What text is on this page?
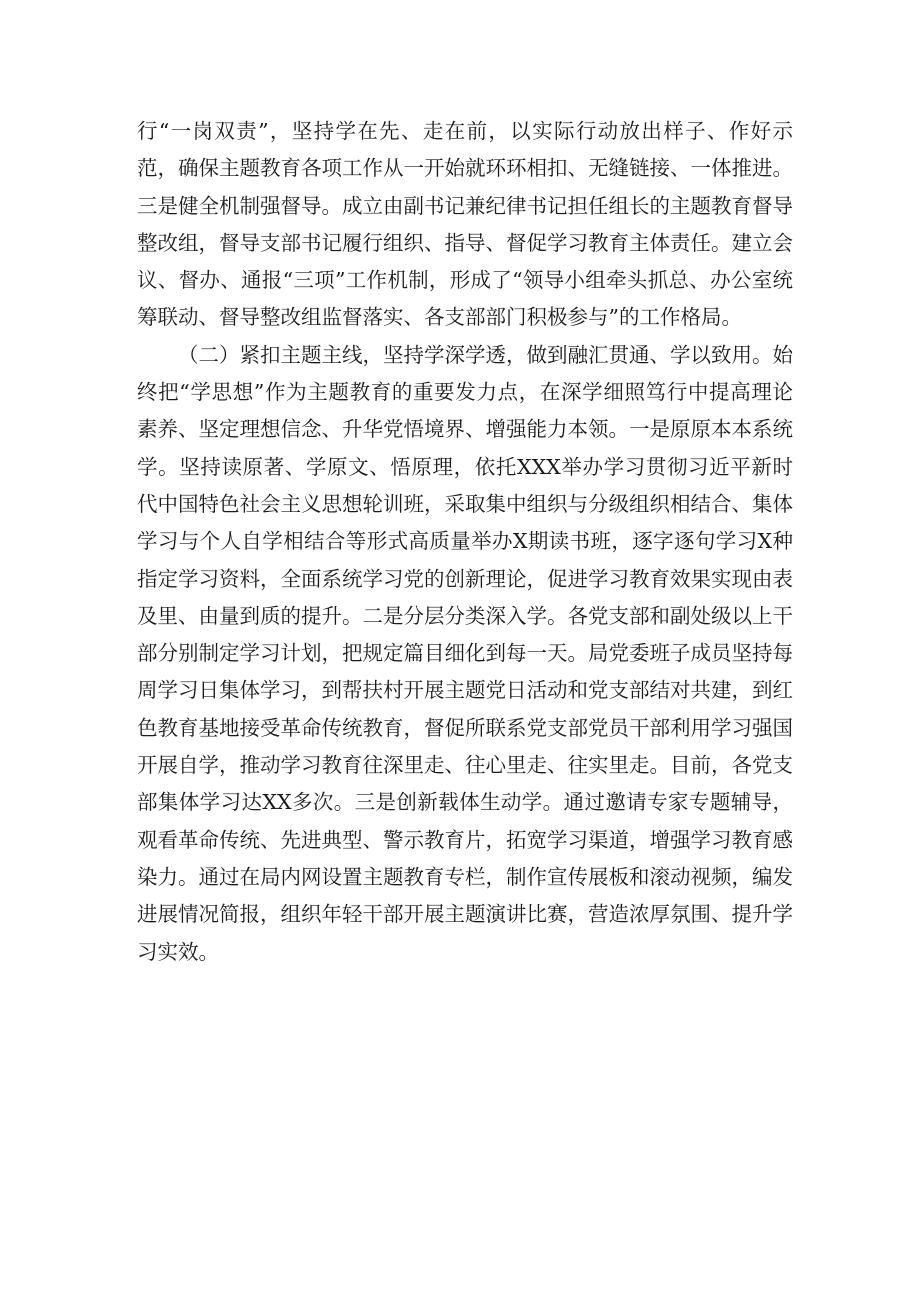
行“一岗双责”，坚持学在先、走在前，以实际行动放出样子、作好示范，确保主题教育各项工作从一开始就环环相扣、无缝链接、一体推进。三是健全机制强督导。成立由副书记兼纪律书记担任组长的主题教育督导整改组，督导支部书记履行组织、指导、督促学习教育主体责任。建立会议、督办、通报“三项”工作机制，形成了“领导小组牵头抓总、办公室统筹联动、督导整改组监督落实、各支部部门积极参与”的工作格局。

（二）紧扣主题主线，坚持学深学透，做到融汇贯通、学以致用。始终把“学思想”作为主题教育的重要发力点，在深学细照笃行中提高理论素养、坚定理想信念、升华党悟境界、增强能力本领。一是原原本本系统学。坚持读原著、学原文、悟原理，依托XXX举办学习贯彻习近平新时代中国特色社会主义思想轮训班，采取集中组织与分级组织相结合、集体学习与个人自学相结合等形式高质量举办X期读书班，逐字逐句学习X种指定学习资料，全面系统学习党的创新理论，促进学习教育效果实现由表及里、由量到质的提升。二是分层分类深入学。各党支部和副处级以上干部分别制定学习计划，把规定篇目细化到每一天。局党委班子成员坚持每周学习日集体学习，到帮扶村开展主题党日活动和党支部结对共建，到红色教育基地接受革命传统教育，督促所联系党支部党员干部利用学习强国开展自学，推动学习教育往深里走、往心里走、往实里走。目前，各党支部集体学习达XX多次。三是创新载体生动学。通过邀请专家专题辅导，观看革命传统、先进典型、警示教育片，拓宽学习渠道，增强学习教育感染力。通过在局内网设置主题教育专栏，制作宣传展板和滚动视频，编发进展情况简报，组织年轻干部开展主题演讲比赛，营造浓厚氛围、提升学习实效。
